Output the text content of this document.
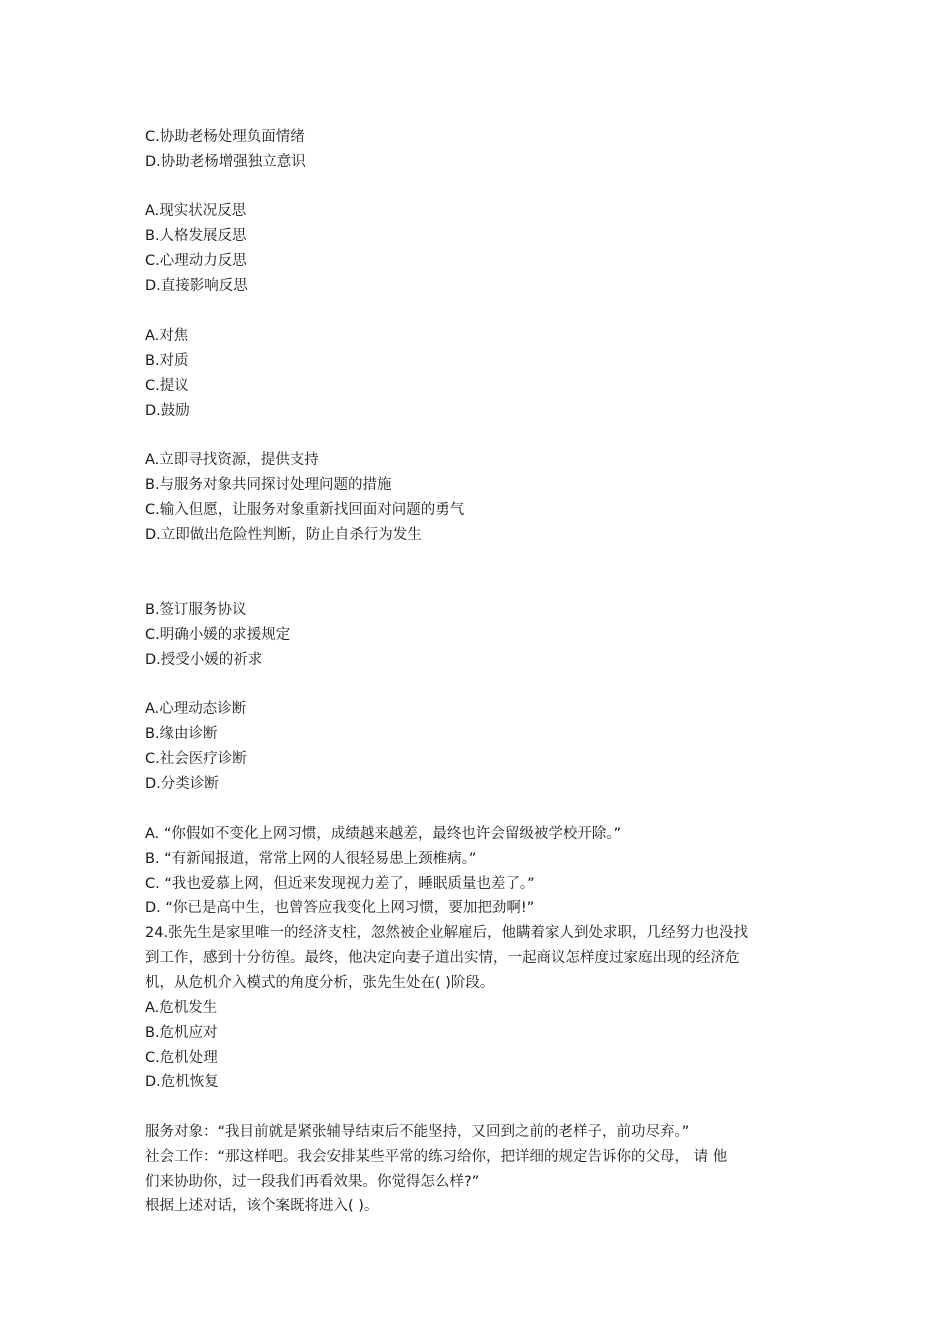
C.协助老杨处理负面情绪
D.协助老杨增强独立意识
A.现实状况反思
B.人格发展反思
C.心理动力反思
D.直接影响反思
A.对焦
B.对质
C.提议
D.鼓励
A.立即寻找资源，提供支持
B.与服务对象共同探讨处理问题的措施
C.输入但愿，让服务对象重新找回面对问题的勇气
D.立即做出危险性判断，防止自杀行为发生
B.签订服务协议
C.明确小媛的求援规定
D.授受小媛的祈求
A.心理动态诊断
B.缘由诊断
C.社会医疗诊断
D.分类诊断
A. “你假如不变化上网习惯，成绩越来越差，最终也许会留级被学校开除。”
B. “有新闻报道，常常上网的人很轻易患上颈椎病。”
C. “我也爱慕上网，但近来发现视力差了，睡眠质量也差了。”
D. “你已是高中生，也曾答应我变化上网习惯，要加把劲啊!”
24.张先生是家里唯一的经济支柱，忽然被企业解雇后，他瞒着家人到处求职，几经努力也没找
到工作，感到十分彷徨。最终，他决定向妻子道出实情，一起商议怎样度过家庭出现的经济危
机，从危机介入模式的角度分析，张先生处在( )阶段。
A.危机发生
B.危机应对
C.危机处理
D.危机恢复
服务对象：“我目前就是紧张辅导结束后不能坚持，又回到之前的老样子，前功尽弃。”
社会工作：“那这样吧。我会安排某些平常的练习给你，把详细的规定告诉你的父母， 请 他
们来协助你，过一段我们再看效果。你觉得怎么样?”
根据上述对话，该个案既将进入( )。
